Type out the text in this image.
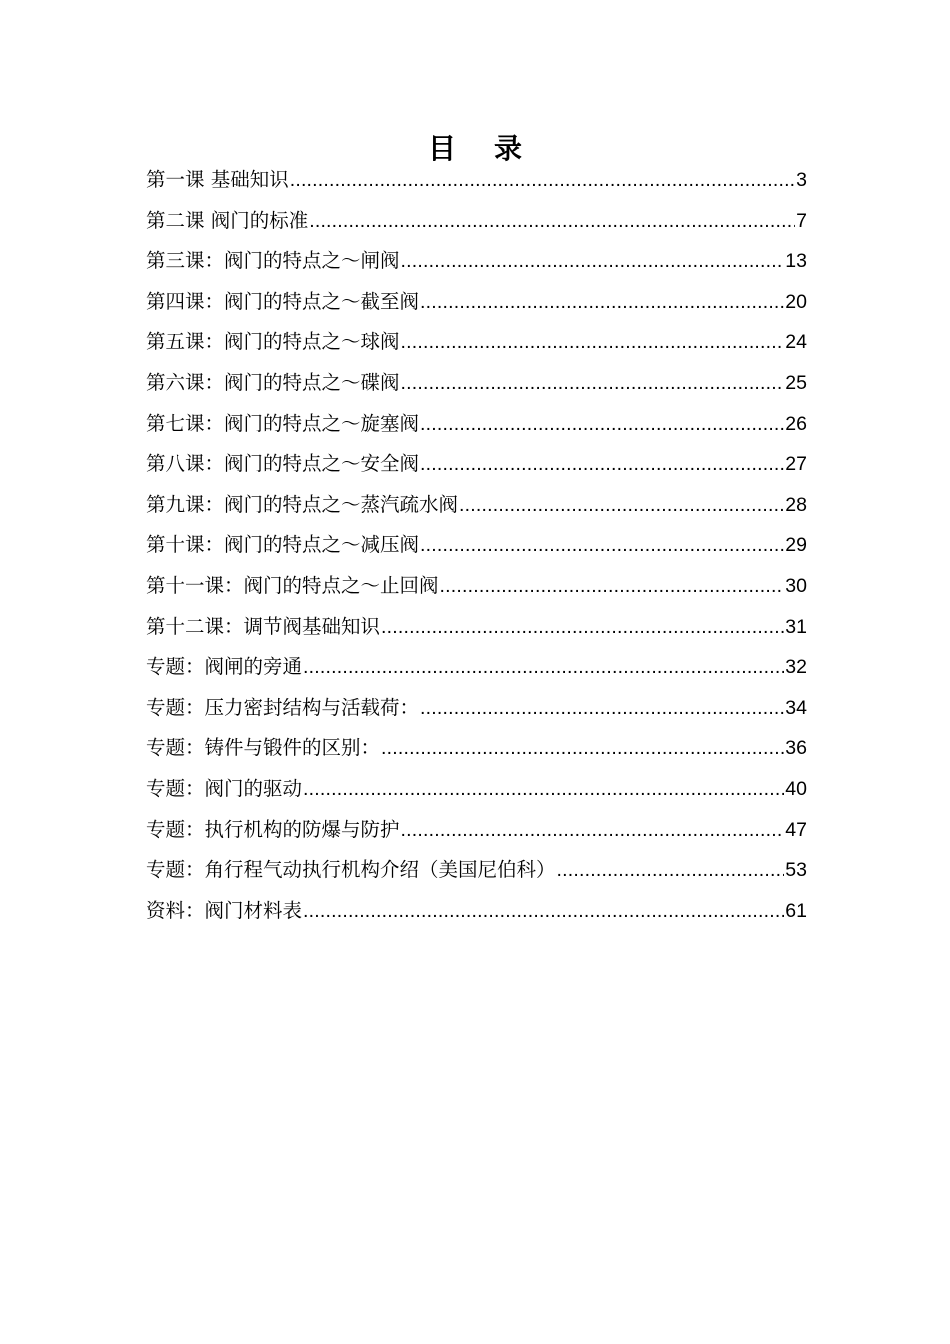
目 录
第一课 基础知识 .....	3
第二课 阀门的标准 .....	7
第三课：阀门的特点之～闸阀 .....	13
第四课：阀门的特点之～截至阀 .....	20
第五课：阀门的特点之～球阀 .....	24
第六课：阀门的特点之～碟阀 .....	25
第七课：阀门的特点之～旋塞阀 .....	26
第八课：阀门的特点之～安全阀 .....	27
第九课：阀门的特点之～蒸汽疏水阀 .....	28
第十课：阀门的特点之～减压阀 .....	29
第十一课：阀门的特点之～止回阀 .....	30
第十二课：调节阀基础知识 .....	31
专题：阀闸的旁通 .....	32
专题：压力密封结构与活载荷： .....	34
专题：铸件与锻件的区别： .....	36
专题：阀门的驱动 .....	40
专题：执行机构的防爆与防护 .....	47
专题：角行程气动执行机构介绍（美国尼伯科） .....	53
资料：阀门材料表 .....	61
